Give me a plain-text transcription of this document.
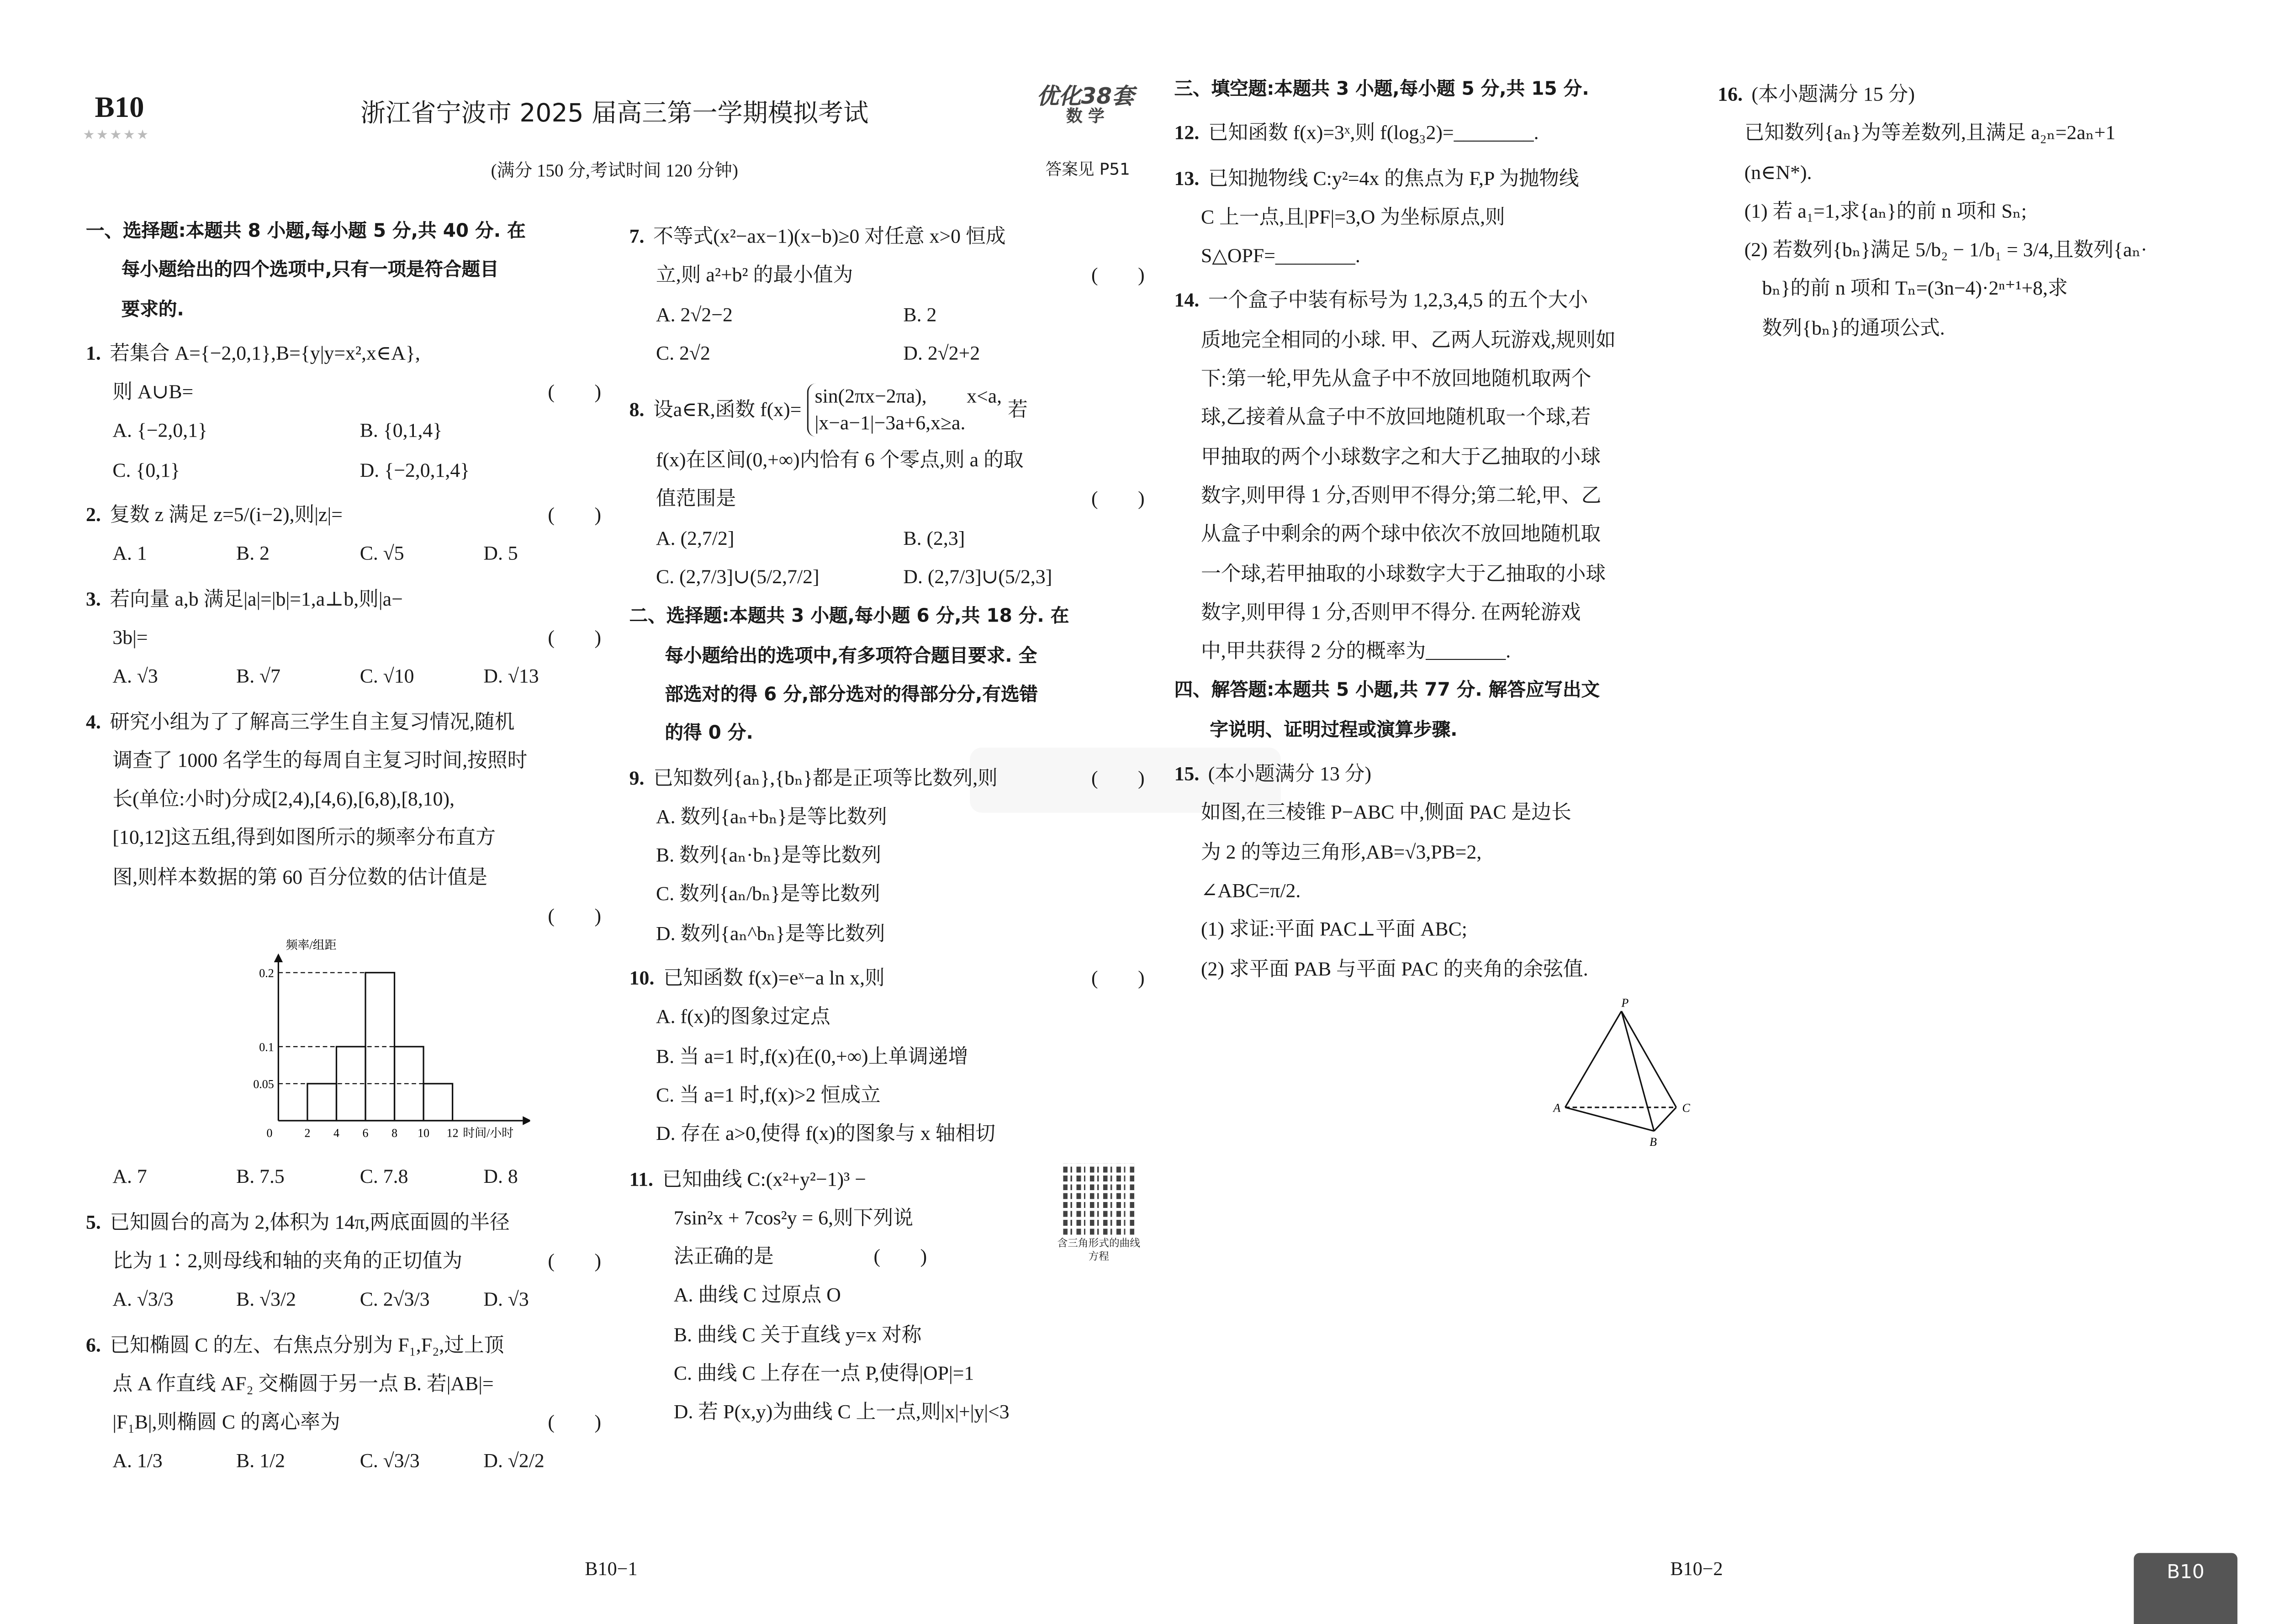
B10
★★★★★
浙江省宁波市 2025 届高三第一学期模拟考试
(满分 150 分,考试时间 120 分钟)
优化38套
数 学
答案见 P51
一、选择题:本题共 8 小题,每小题 5 分,共 40 分. 在
每小题给出的四个选项中,只有一项是符合题目
要求的.
1. 若集合 A={−2,0,1},B={y|y=x²,x∈A},
则 A∪B=	(　　)
A. {−2,0,1}	B. {0,1,4}
C. {0,1}	D. {−2,0,1,4}
2. 复数 z 满足 z=5/(i−2),则|z|=	(　　)
A. 1	B. 2	C. √5	D. 5
3. 若向量 a,b 满足|a|=|b|=1,a⊥b,则|a−
3b|=	(　　)
A. √3	B. √7	C. √10	D. √13
4. 研究小组为了了解高三学生自主复习情况,随机
调查了 1000 名学生的每周自主复习时间,按照时
长(单位:小时)分成[2,4),[4,6),[6,8),[8,10),
[10,12]这五组,得到如图所示的频率分布直方
图,则样本数据的第 60 百分位数的估计值是
(　　)
0.05
0.1
0.2
0	2	4	6	8	10	12 时间/小时
频率/组距
A. 7	B. 7.5	C. 7.8	D. 8
5. 已知圆台的高为 2,体积为 14π,两底面圆的半径
比为 1∶2,则母线和轴的夹角的正切值为	(　　)
A. √3/3	B. √3/2	C. 2√3/3	D. √3
6. 已知椭圆 C 的左、右焦点分别为 F₁,F₂,过上顶
点 A 作直线 AF₂ 交椭圆于另一点 B. 若|AB|=
|F₁B|,则椭圆 C 的离心率为	(　　)
A. 1/3	B. 1/2	C. √3/3	D. √2/2
7. 不等式(x²−ax−1)(x−b)≥0 对任意 x>0 恒成
立,则 a²+b² 的最小值为	(　　)
A. 2√2−2	B. 2
C. 2√2	D. 2√2+2
8. 设a∈R,函数 f(x)=
sin(2πx−2πa),　　x<a,
|x−a−1|−3a+6,x≥a.
若
f(x)在区间(0,+∞)内恰有 6 个零点,则 a 的取
值范围是	(　　)
A. (2,7/2]	B. (2,3]
C. (2,7/3]∪(5/2,7/2]	D. (2,7/3]∪(5/2,3]
二、选择题:本题共 3 小题,每小题 6 分,共 18 分. 在
每小题给出的选项中,有多项符合题目要求. 全
部选对的得 6 分,部分选对的得部分分,有选错
的得 0 分.
9. 已知数列{aₙ},{bₙ}都是正项等比数列,则	(　　)
A. 数列{aₙ+bₙ}是等比数列
B. 数列{aₙ·bₙ}是等比数列
C. 数列{aₙ/bₙ}是等比数列
D. 数列{aₙ^bₙ}是等比数列
10. 已知函数 f(x)=eˣ−a ln x,则	(　　)
A. f(x)的图象过定点
B. 当 a=1 时,f(x)在(0,+∞)上单调递增
C. 当 a=1 时,f(x)>2 恒成立
D. 存在 a>0,使得 f(x)的图象与 x 轴相切
11. 已知曲线 C:(x²+y²−1)³ −
含三角形式的曲线方程
7sin²x + 7cos²y = 6,则下列说
法正确的是　　　　　(　　)
A. 曲线 C 过原点 O
B. 曲线 C 关于直线 y=x 对称
C. 曲线 C 上存在一点 P,使得|OP|=1
D. 若 P(x,y)为曲线 C 上一点,则|x|+|y|<3
三、填空题:本题共 3 小题,每小题 5 分,共 15 分.
12. 已知函数 f(x)=3ˣ,则 f(log₃2)=________.
13. 已知抛物线 C:y²=4x 的焦点为 F,P 为抛物线
C 上一点,且|PF|=3,O 为坐标原点,则
S△OPF=________.
14. 一个盒子中装有标号为 1,2,3,4,5 的五个大小
质地完全相同的小球. 甲、乙两人玩游戏,规则如
下:第一轮,甲先从盒子中不放回地随机取两个
球,乙接着从盒子中不放回地随机取一个球,若
甲抽取的两个小球数字之和大于乙抽取的小球
数字,则甲得 1 分,否则甲不得分;第二轮,甲、乙
从盒子中剩余的两个球中依次不放回地随机取
一个球,若甲抽取的小球数字大于乙抽取的小球
数字,则甲得 1 分,否则甲不得分. 在两轮游戏
中,甲共获得 2 分的概率为________.
四、解答题:本题共 5 小题,共 77 分. 解答应写出文
字说明、证明过程或演算步骤.
15. (本小题满分 13 分)
如图,在三棱锥 P−ABC 中,侧面 PAC 是边长
为 2 的等边三角形,AB=√3,PB=2,
∠ABC=π/2.
(1) 求证:平面 PAC⊥平面 ABC;
(2) 求平面 PAB 与平面 PAC 的夹角的余弦值.
P
A	C
B
16. (本小题满分 15 分)
已知数列{aₙ}为等差数列,且满足 a₂ₙ=2aₙ+1
(n∈N*).
(1) 若 a₁=1,求{aₙ}的前 n 项和 Sₙ;
(2) 若数列{bₙ}满足 5/b₂ − 1/b₁ = 3/4,且数列{aₙ·
bₙ}的前 n 项和 Tₙ=(3n−4)·2ⁿ⁺¹+8,求
数列{bₙ}的通项公式.
B10−1	B10−2	B10
